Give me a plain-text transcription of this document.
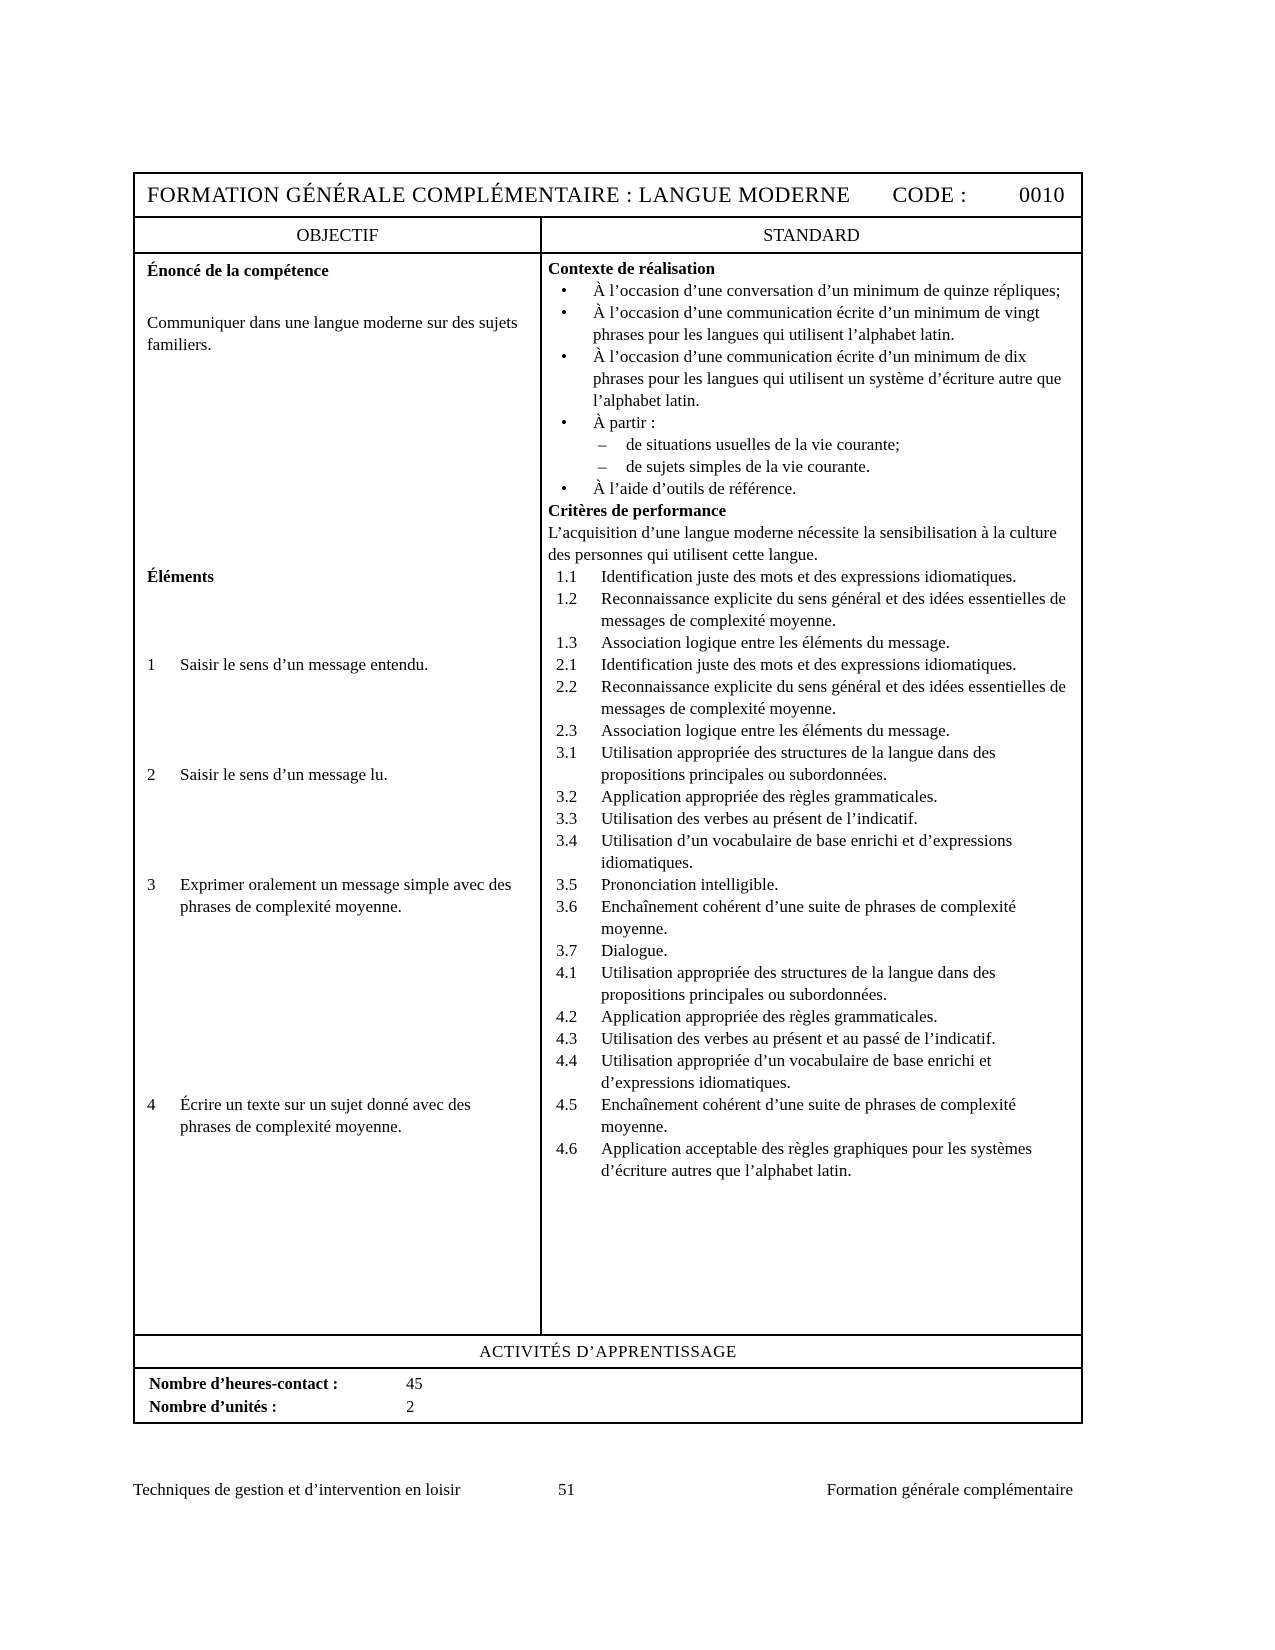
FORMATION GÉNÉRALE COMPLÉMENTAIRE : LANGUE MODERNE CODE : 0010
OBJECTIF	STANDARD
Énoncé de la compétence
Communiquer dans une langue moderne sur des sujets familiers.
Éléments
1 Saisir le sens d’un message entendu.
2 Saisir le sens d’un message lu.
3 Exprimer oralement un message simple avec des phrases de complexité moyenne.
4 Écrire un texte sur un sujet donné avec des phrases de complexité moyenne.
Contexte de réalisation
• À l’occasion d’une conversation d’un minimum de quinze répliques;
• À l’occasion d’une communication écrite d’un minimum de vingt phrases pour les langues qui utilisent l’alphabet latin.
• À l’occasion d’une communication écrite d’un minimum de dix phrases pour les langues qui utilisent un système d’écriture autre que l’alphabet latin.
• À partir :
– de situations usuelles de la vie courante;
– de sujets simples de la vie courante.
• À l’aide d’outils de référence.
Critères de performance
L’acquisition d’une langue moderne nécessite la sensibilisation à la culture des personnes qui utilisent cette langue.
1.1 Identification juste des mots et des expressions idiomatiques.
1.2 Reconnaissance explicite du sens général et des idées essentielles de messages de complexité moyenne.
1.3 Association logique entre les éléments du message.
2.1 Identification juste des mots et des expressions idiomatiques.
2.2 Reconnaissance explicite du sens général et des idées essentielles de messages de complexité moyenne.
2.3 Association logique entre les éléments du message.
3.1 Utilisation appropriée des structures de la langue dans des propositions principales ou subordonnées.
3.2 Application appropriée des règles grammaticales.
3.3 Utilisation des verbes au présent de l’indicatif.
3.4 Utilisation d’un vocabulaire de base enrichi et d’expressions idiomatiques.
3.5 Prononciation intelligible.
3.6 Enchaînement cohérent d’une suite de phrases de complexité moyenne.
3.7 Dialogue.
4.1 Utilisation appropriée des structures de la langue dans des propositions principales ou subordonnées.
4.2 Application appropriée des règles grammaticales.
4.3 Utilisation des verbes au présent et au passé de l’indicatif.
4.4 Utilisation appropriée d’un vocabulaire de base enrichi et d’expressions idiomatiques.
4.5 Enchaînement cohérent d’une suite de phrases de complexité moyenne.
4.6 Application acceptable des règles graphiques pour les systèmes d’écriture autres que l’alphabet latin.
ACTIVITÉS D’APPRENTISSAGE
Nombre d’heures-contact :	45
Nombre d’unités :	2
Techniques de gestion et d’intervention en loisir	51	Formation générale complémentaire
